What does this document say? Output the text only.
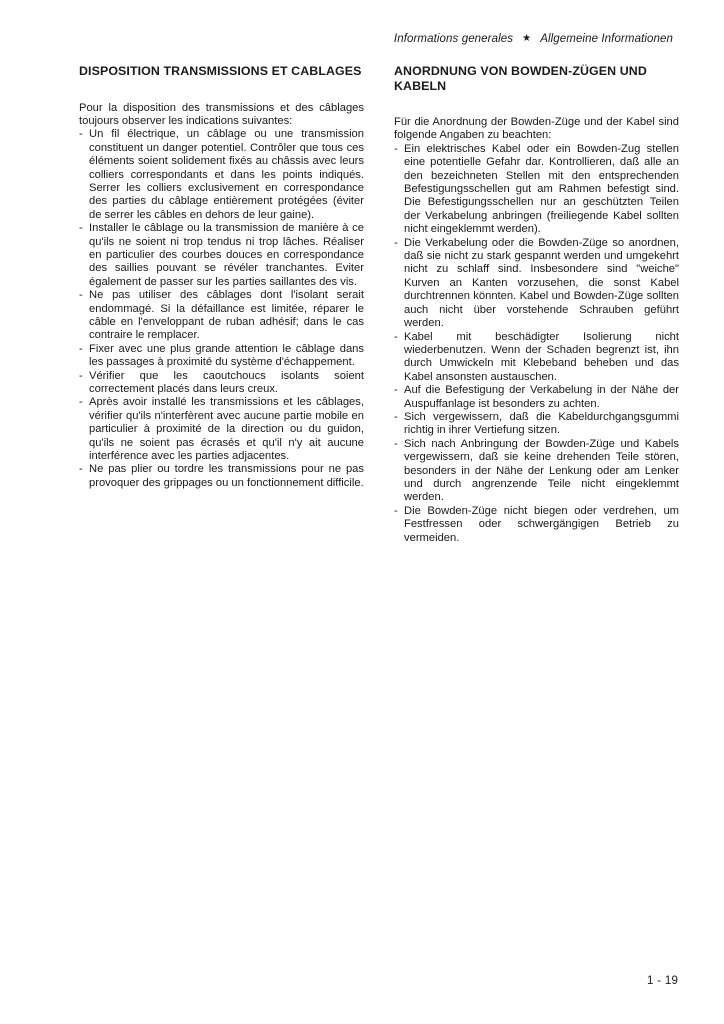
Informations generales ★ Allgemeine Informationen
DISPOSITION TRANSMISSIONS ET CABLAGES

Pour la disposition des transmissions et des câblages toujours observer les indications suivantes:

- Un fil électrique, un câblage ou une transmission constituent un danger potentiel. Contrôler que tous ces éléments soient solidement fixés au châssis avec leurs colliers correspondants et dans les points indiqués. Serrer les colliers exclusivement en correspondance des parties du câblage entièrement protégées (éviter de serrer les câbles en dehors de leur gaine).
- Installer le câblage ou la transmission de manière à ce qu'ils ne soient ni trop tendus ni trop lâches. Réaliser en particulier des courbes douces en correspondance des saillies pouvant se révéler tranchantes. Eviter également de passer sur les parties saillantes des vis.
- Ne pas utiliser des câblages dont l'isolant serait endommagé. Si la défaillance est limitée, réparer le câble en l'enveloppant de ruban adhésif; dans le cas contraire le remplacer.
- Fixer avec une plus grande attention le câblage dans les passages à proximité du système d'échappement.
- Vérifier que les caoutchoucs isolants soient correctement placés dans leurs creux.
- Après avoir installé les transmissions et les câblages, vérifier qu'ils n'interfèrent avec aucune partie mobile en particulier à proximité de la direction ou du guidon, qu'ils ne soient pas écrasés et qu'il n'y ait aucune interférence avec les parties adjacentes.
- Ne pas plier ou tordre les transmissions pour ne pas provoquer des grippages ou un fonctionnement difficile.
ANORDNUNG VON BOWDEN-ZÜGEN UND KABELN

Für die Anordnung der Bowden-Züge und der Kabel sind folgende Angaben zu beachten:

- Ein elektrisches Kabel oder ein Bowden-Zug stellen eine potentielle Gefahr dar. Kontrollieren, daß alle an den bezeichneten Stellen mit den entsprechenden Befestigungsschellen gut am Rahmen befestigt sind. Die Befestigungsschellen nur an geschützten Teilen der Verkabelung anbringen (freiliegende Kabel sollten nicht eingeklemmt werden).
- Die Verkabelung oder die Bowden-Züge so anordnen, daß sie nicht zu stark gespannt werden und umgekehrt nicht zu schlaff sind. Insbesondere sind "weiche" Kurven an Kanten vorzusehen, die sonst Kabel durchtrennen könnten. Kabel und Bowden-Züge sollten auch nicht über vorstehende Schrauben geführt werden.
- Kabel mit beschädigter Isolierung nicht wiederbenutzen. Wenn der Schaden begrenzt ist, ihn durch Umwickeln mit Klebeband beheben und das Kabel ansonsten austauschen.
- Auf die Befestigung der Verkabelung in der Nähe der Auspuffanlage ist besonders zu achten.
- Sich vergewissern, daß die Kabeldurchgangsgummi richtig in ihrer Vertiefung sitzen.
- Sich nach Anbringung der Bowden-Züge und Kabels vergewissern, daß sie keine drehenden Teile stören, besonders in der Nähe der Lenkung oder am Lenker und durch angrenzende Teile nicht eingeklemmt werden.
- Die Bowden-Züge nicht biegen oder verdrehen, um Festfressen oder schwergängigen Betrieb zu vermeiden.
1 - 19
